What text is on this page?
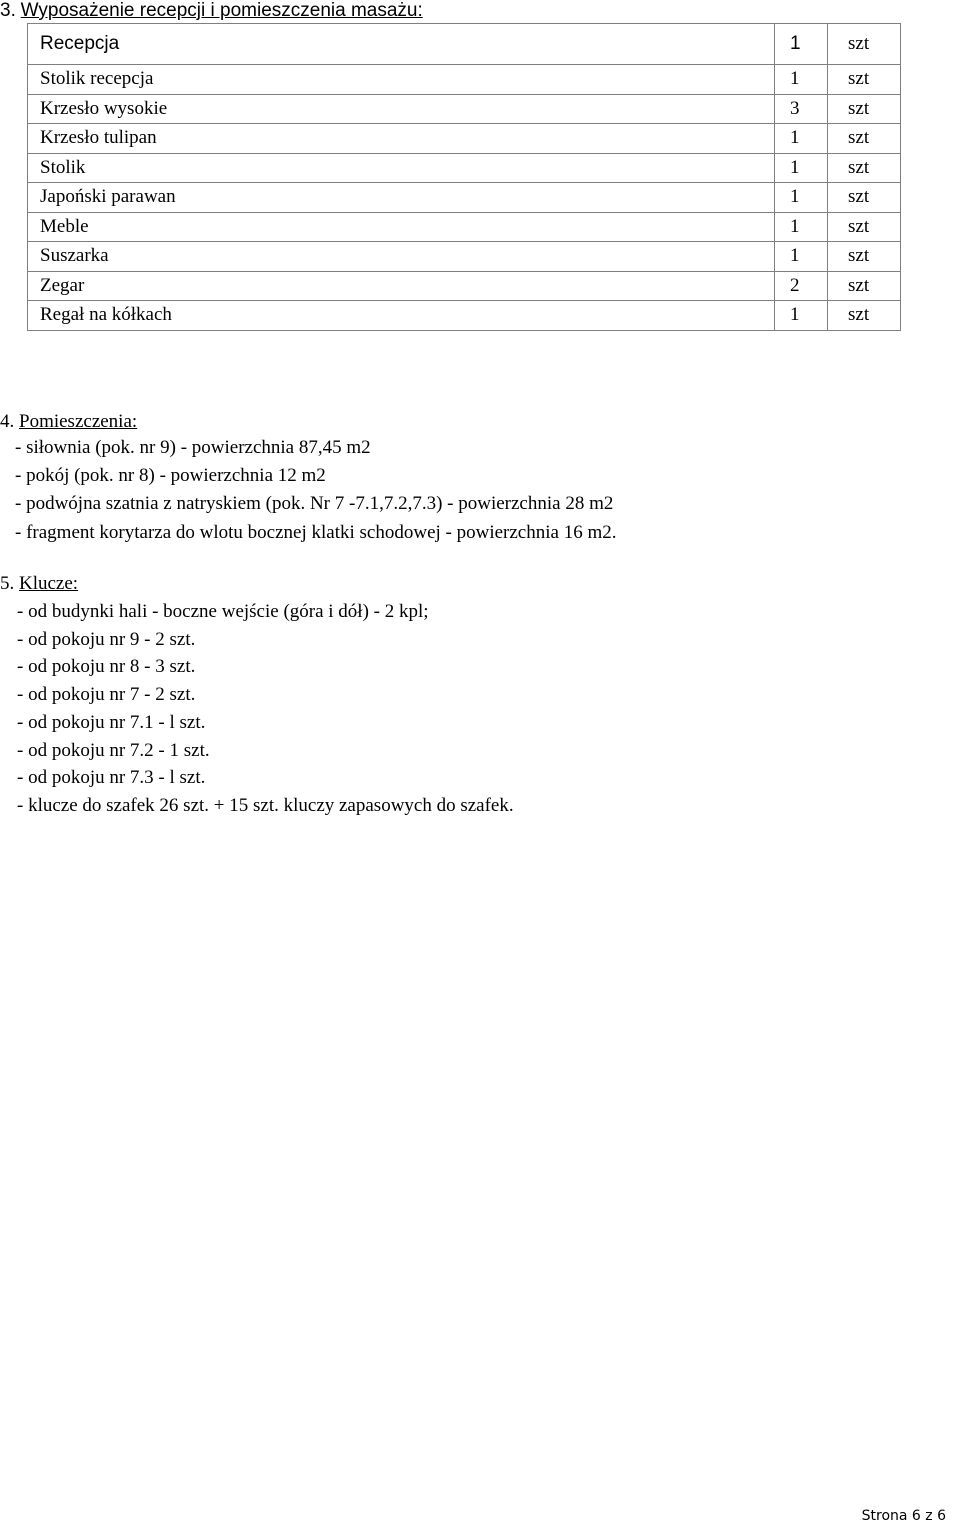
3. Wyposażenie recepcji i pomieszczenia masażu:
Recepcja	1	szt
Stolik recepcja	1	szt
Krzesło wysokie	3	szt
Krzesło tulipan	1	szt
Stolik	1	szt
Japoński parawan	1	szt
Meble	1	szt
Suszarka	1	szt
Zegar	2	szt
Regał na kółkach	1	szt
4. Pomieszczenia:
- siłownia (pok. nr 9) - powierzchnia 87,45 m2
- pokój (pok. nr 8) - powierzchnia 12 m2
- podwójna szatnia z natryskiem (pok. Nr 7 -7.1,7.2,7.3) - powierzchnia 28 m2
- fragment korytarza do wlotu bocznej klatki schodowej - powierzchnia 16 m2.
5. Klucze:
- od budynki hali - boczne wejście (góra i dół) - 2 kpl;
- od pokoju nr 9 - 2 szt.
- od pokoju nr 8 - 3 szt.
- od pokoju nr 7 - 2 szt.
- od pokoju nr 7.1 - l szt.
- od pokoju nr 7.2 - 1 szt.
- od pokoju nr 7.3 - l szt.
- klucze do szafek 26 szt. + 15 szt. kluczy zapasowych do szafek.
Strona 6 z 6
